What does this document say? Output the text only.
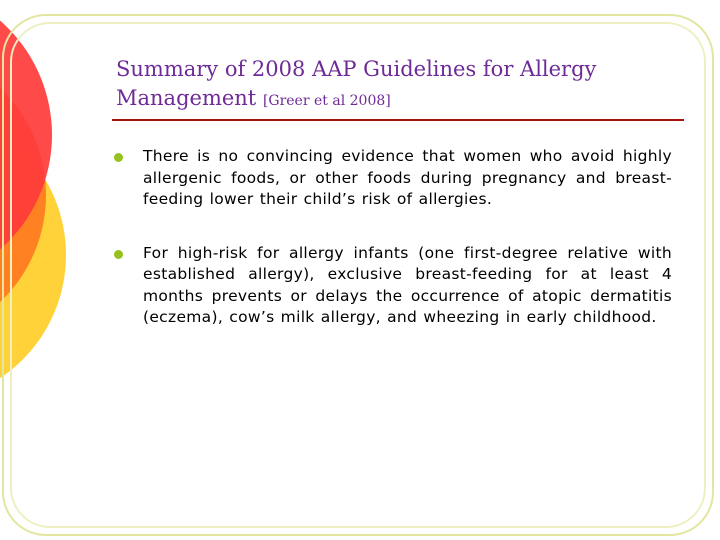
Summary of 2008 AAP Guidelines for Allergy Management [Greer et al 2008]
There is no convincing evidence that women who avoid highly allergenic foods, or other foods during pregnancy and breast-feeding lower their child’s risk of allergies.
For high-risk for allergy infants (one first-degree relative with established allergy), exclusive breast-feeding for at least 4 months prevents or delays the occurrence of atopic dermatitis (eczema), cow’s milk allergy, and wheezing in early childhood.
